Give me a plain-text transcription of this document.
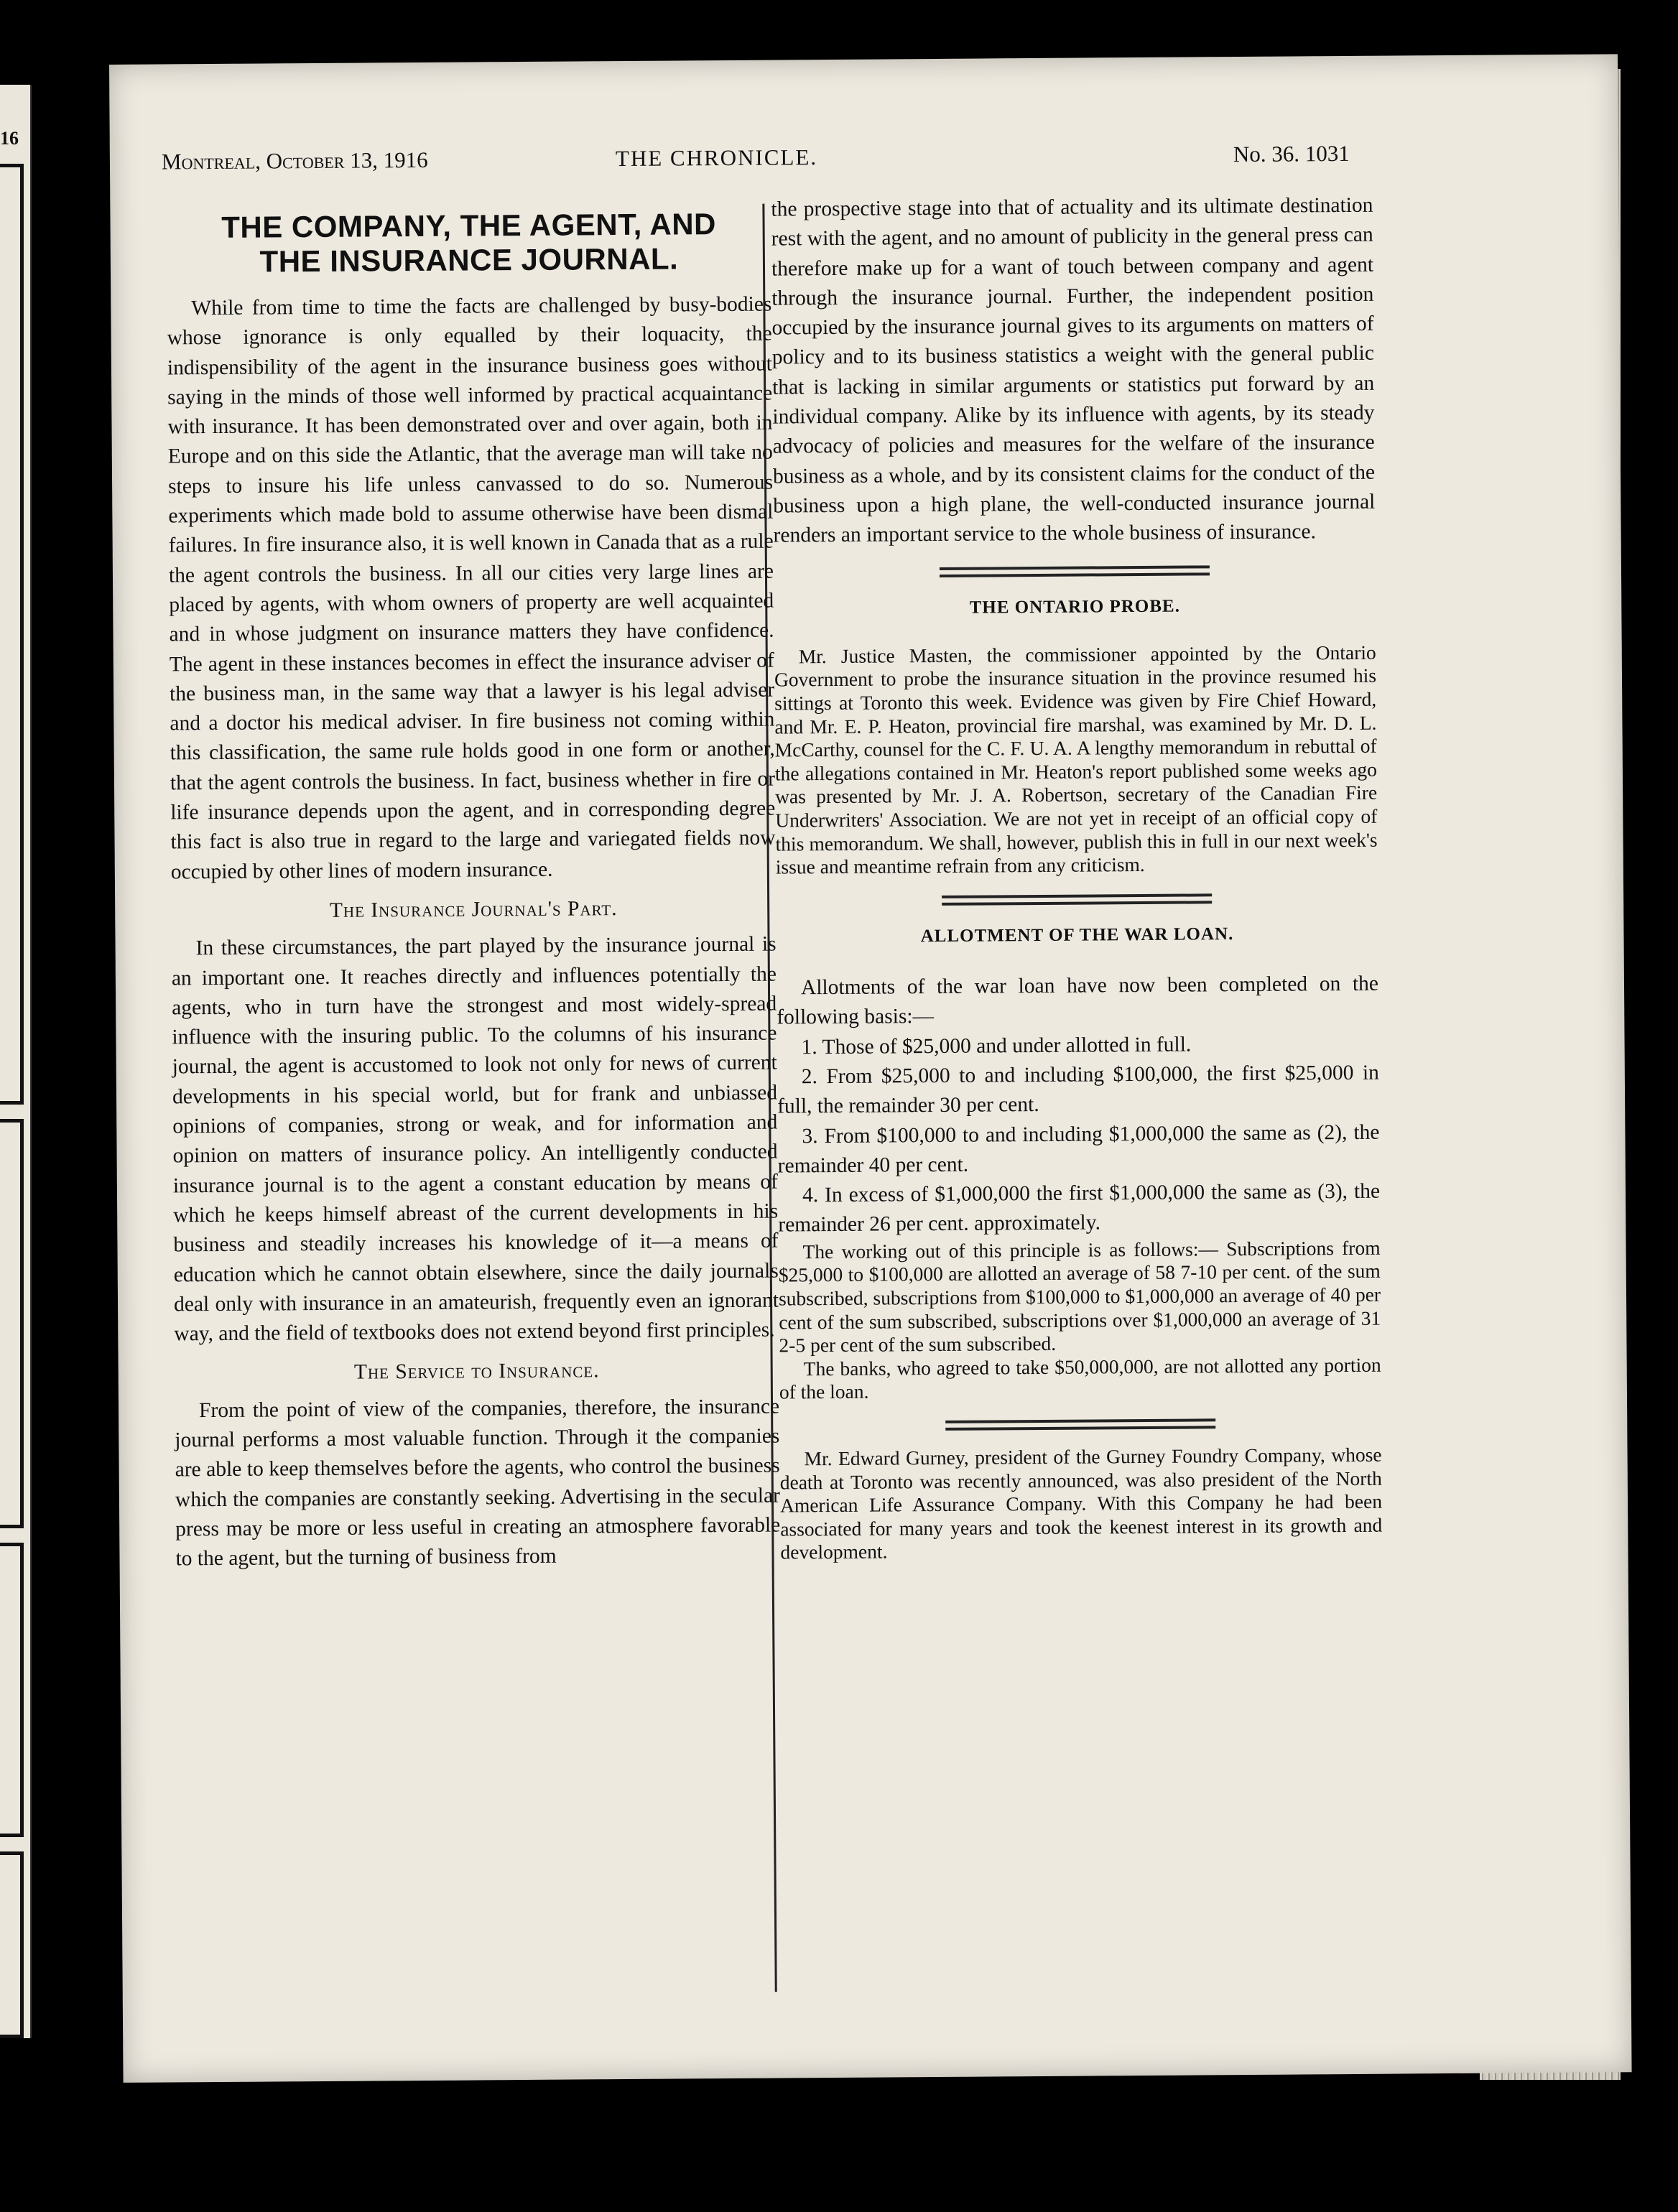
16
Montreal, October 13, 1916	THE CHRONICLE.	No. 36. 1031
THE COMPANY, THE AGENT, AND
THE INSURANCE JOURNAL.

While from time to time the facts are challenged by busy-bodies whose ignorance is only equalled by their loquacity, the indispensibility of the agent in the insurance business goes without saying in the minds of those well informed by practical acquaintance with insurance. It has been demonstrated over and over again, both in Europe and on this side the Atlantic, that the average man will take no steps to insure his life unless canvassed to do so. Numerous experiments which made bold to assume otherwise have been dismal failures. In fire insurance also, it is well known in Canada that as a rule the agent controls the business. In all our cities very large lines are placed by agents, with whom owners of property are well acquainted and in whose judgment on insurance matters they have confidence. The agent in these instances becomes in effect the insurance adviser of the business man, in the same way that a lawyer is his legal adviser and a doctor his medical adviser. In fire business not coming within this classification, the same rule holds good in one form or another, that the agent controls the business. In fact, business whether in fire or life insurance depends upon the agent, and in corresponding degree this fact is also true in regard to the large and variegated fields now occupied by other lines of modern insurance.

The Insurance Journal's Part.

In these circumstances, the part played by the insurance journal is an important one. It reaches directly and influences potentially the agents, who in turn have the strongest and most widely-spread influence with the insuring public. To the columns of his insurance journal, the agent is accustomed to look not only for news of current developments in his special world, but for frank and unbiassed opinions of companies, strong or weak, and for information and opinion on matters of insurance policy. An intelligently conducted insurance journal is to the agent a constant education by means of which he keeps himself abreast of the current developments in his business and steadily increases his knowledge of it—a means of education which he cannot obtain elsewhere, since the daily journals deal only with insurance in an amateurish, frequently even an ignorant way, and the field of textbooks does not extend beyond first principles.

The Service to Insurance.

From the point of view of the companies, therefore, the insurance journal performs a most valuable function. Through it the companies are able to keep themselves before the agents, who control the business which the companies are constantly seeking. Advertising in the secular press may be more or less useful in creating an atmosphere favorable to the agent, but the turning of business from

the prospective stage into that of actuality and its ultimate destination rest with the agent, and no amount of publicity in the general press can therefore make up for a want of touch between company and agent through the insurance journal. Further, the independent position occupied by the insurance journal gives to its arguments on matters of policy and to its business statistics a weight with the general public that is lacking in similar arguments or statistics put forward by an individual company. Alike by its influence with agents, by its steady advocacy of policies and measures for the welfare of the insurance business as a whole, and by its consistent claims for the conduct of the business upon a high plane, the well-conducted insurance journal renders an important service to the whole business of insurance.

THE ONTARIO PROBE.

Mr. Justice Masten, the commissioner appointed by the Ontario Government to probe the insurance situation in the province resumed his sittings at Toronto this week. Evidence was given by Fire Chief Howard, and Mr. E. P. Heaton, provincial fire marshal, was examined by Mr. D. L. McCarthy, counsel for the C. F. U. A. A lengthy memorandum in rebuttal of the allegations contained in Mr. Heaton's report published some weeks ago was presented by Mr. J. A. Robertson, secretary of the Canadian Fire Underwriters' Association. We are not yet in receipt of an official copy of this memorandum. We shall, however, publish this in full in our next week's issue and meantime refrain from any criticism.

ALLOTMENT OF THE WAR LOAN.

Allotments of the war loan have now been completed on the following basis:—

1. Those of $25,000 and under allotted in full.

2. From $25,000 to and including $100,000, the first $25,000 in full, the remainder 30 per cent.

3. From $100,000 to and including $1,000,000 the same as (2), the remainder 40 per cent.

4. In excess of $1,000,000 the first $1,000,000 the same as (3), the remainder 26 per cent. approximately.

The working out of this principle is as follows:— Subscriptions from $25,000 to $100,000 are allotted an average of 58 7-10 per cent. of the sum subscribed, subscriptions from $100,000 to $1,000,000 an average of 40 per cent of the sum subscribed, subscriptions over $1,000,000 an average of 31 2-5 per cent of the sum subscribed.

The banks, who agreed to take $50,000,000, are not allotted any portion of the loan.

Mr. Edward Gurney, president of the Gurney Foundry Company, whose death at Toronto was recently announced, was also president of the North American Life Assurance Company. With this Company he had been associated for many years and took the keenest interest in its growth and development.
